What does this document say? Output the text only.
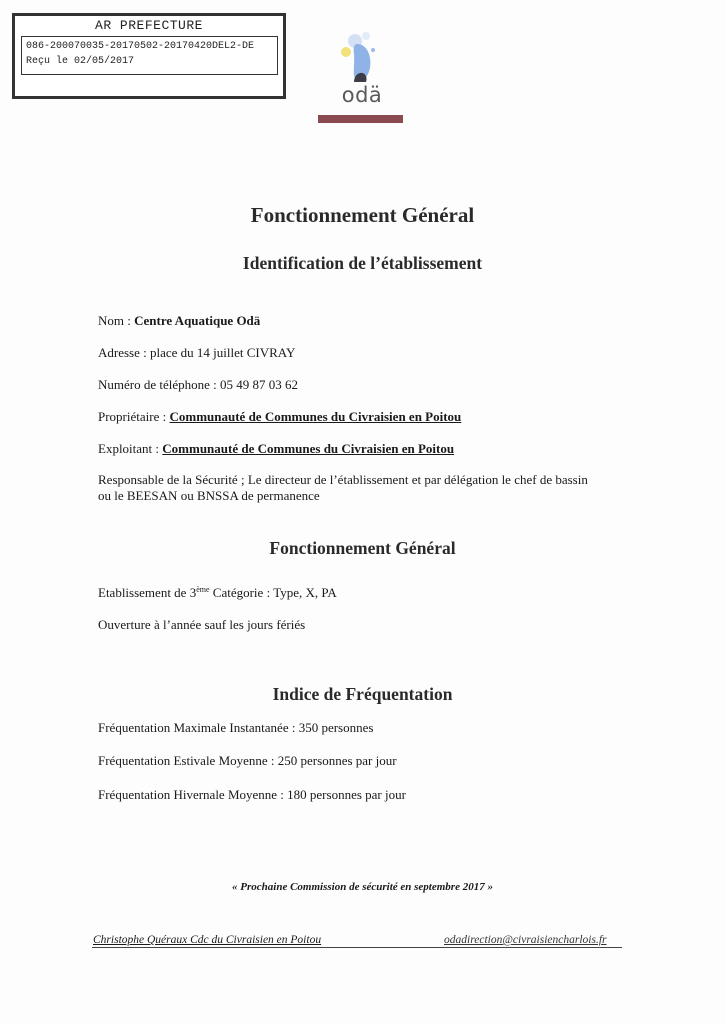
AR PREFECTURE
086-200070035-20170502-20170420DEL2-DE
Reçu le 02/05/2017
odä
Fonctionnement Général
Identification de l’établissement
Nom : Centre Aquatique Odä
Adresse : place du 14 juillet CIVRAY
Numéro de téléphone : 05 49 87 03 62
Propriétaire : Communauté de Communes du Civraisien en Poitou
Exploitant : Communauté de Communes du Civraisien en Poitou
Responsable de la Sécurité ; Le directeur de l’établissement et par délégation le chef de bassin
ou le BEESAN ou BNSSA de permanence
Fonctionnement Général
Etablissement de 3ème Catégorie : Type, X, PA
Ouverture à l’année sauf les jours fériés
Indice de Fréquentation
Fréquentation Maximale Instantanée : 350 personnes
Fréquentation Estivale Moyenne : 250 personnes par jour
Fréquentation Hivernale Moyenne : 180 personnes par jour
« Prochaine Commission de sécurité en septembre 2017 »
Christophe Quéraux Cdc du Civraisien en Poitou	odadirection@civraisiencharlois.fr
